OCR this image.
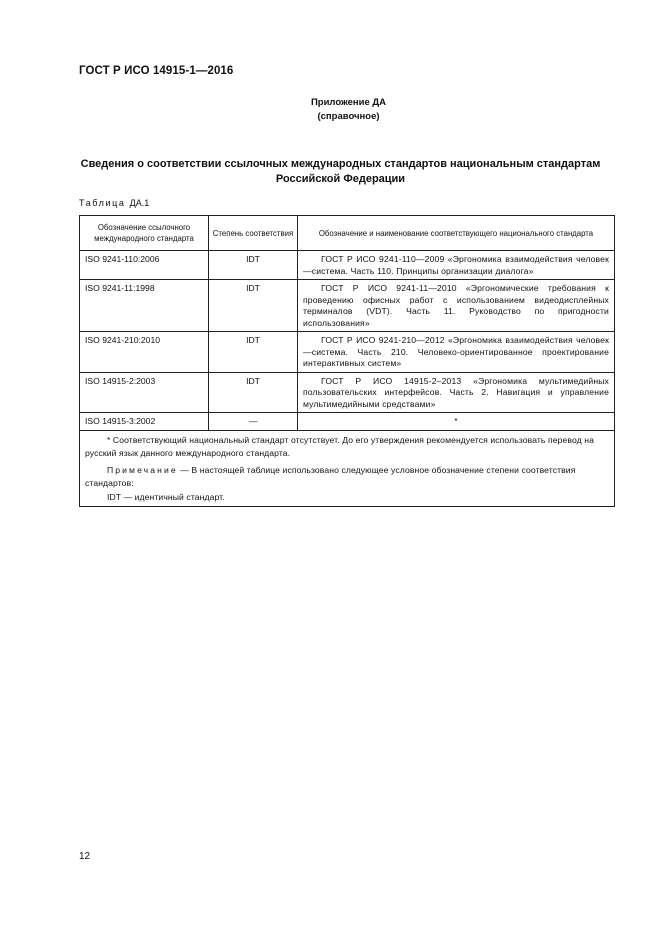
ГОСТ Р ИСО 14915-1—2016
Приложение ДА
(справочное)
Сведения о соответствии ссылочных международных стандартов национальным стандартам
Российской Федерации
Таблица ДА.1
Обозначение ссылочного международного стандарта	Степень соответствия	Обозначение и наименование соответствующего национального стандарта
ISO 9241-110:2006	IDT	ГОСТ Р ИСО 9241-110—2009 «Эргономика взаимодействия человек—система. Часть 110. Принципы организации диалога»
ISO 9241-11:1998	IDT	ГОСТ Р ИСО 9241-11—2010 «Эргономические требования к проведению офисных работ с использованием видеодисплейных терминалов (VDT). Часть 11. Руководство по пригодности использования»
ISO 9241-210:2010	IDT	ГОСТ Р ИСО 9241-210—2012 «Эргономика взаимодействия человек—система. Часть 210. Человеко-ориентированное проектирование интерактивных систем»
ISO 14915-2:2003	IDT	ГОСТ Р ИСО 14915-2–2013 «Эргономика мультимедийных пользовательских интерфейсов. Часть 2. Навигация и управление мультимедийными средствами»
ISO 14915-3:2002	—	*

* Соответствующий национальный стандарт отсутствует. До его утверждения рекомендуется использовать перевод на русский язык данного международного стандарта.
Примечание — В настоящей таблице использовано следующее условное обозначение степени соответствия стандартов:
IDT — идентичный стандарт.		
12
